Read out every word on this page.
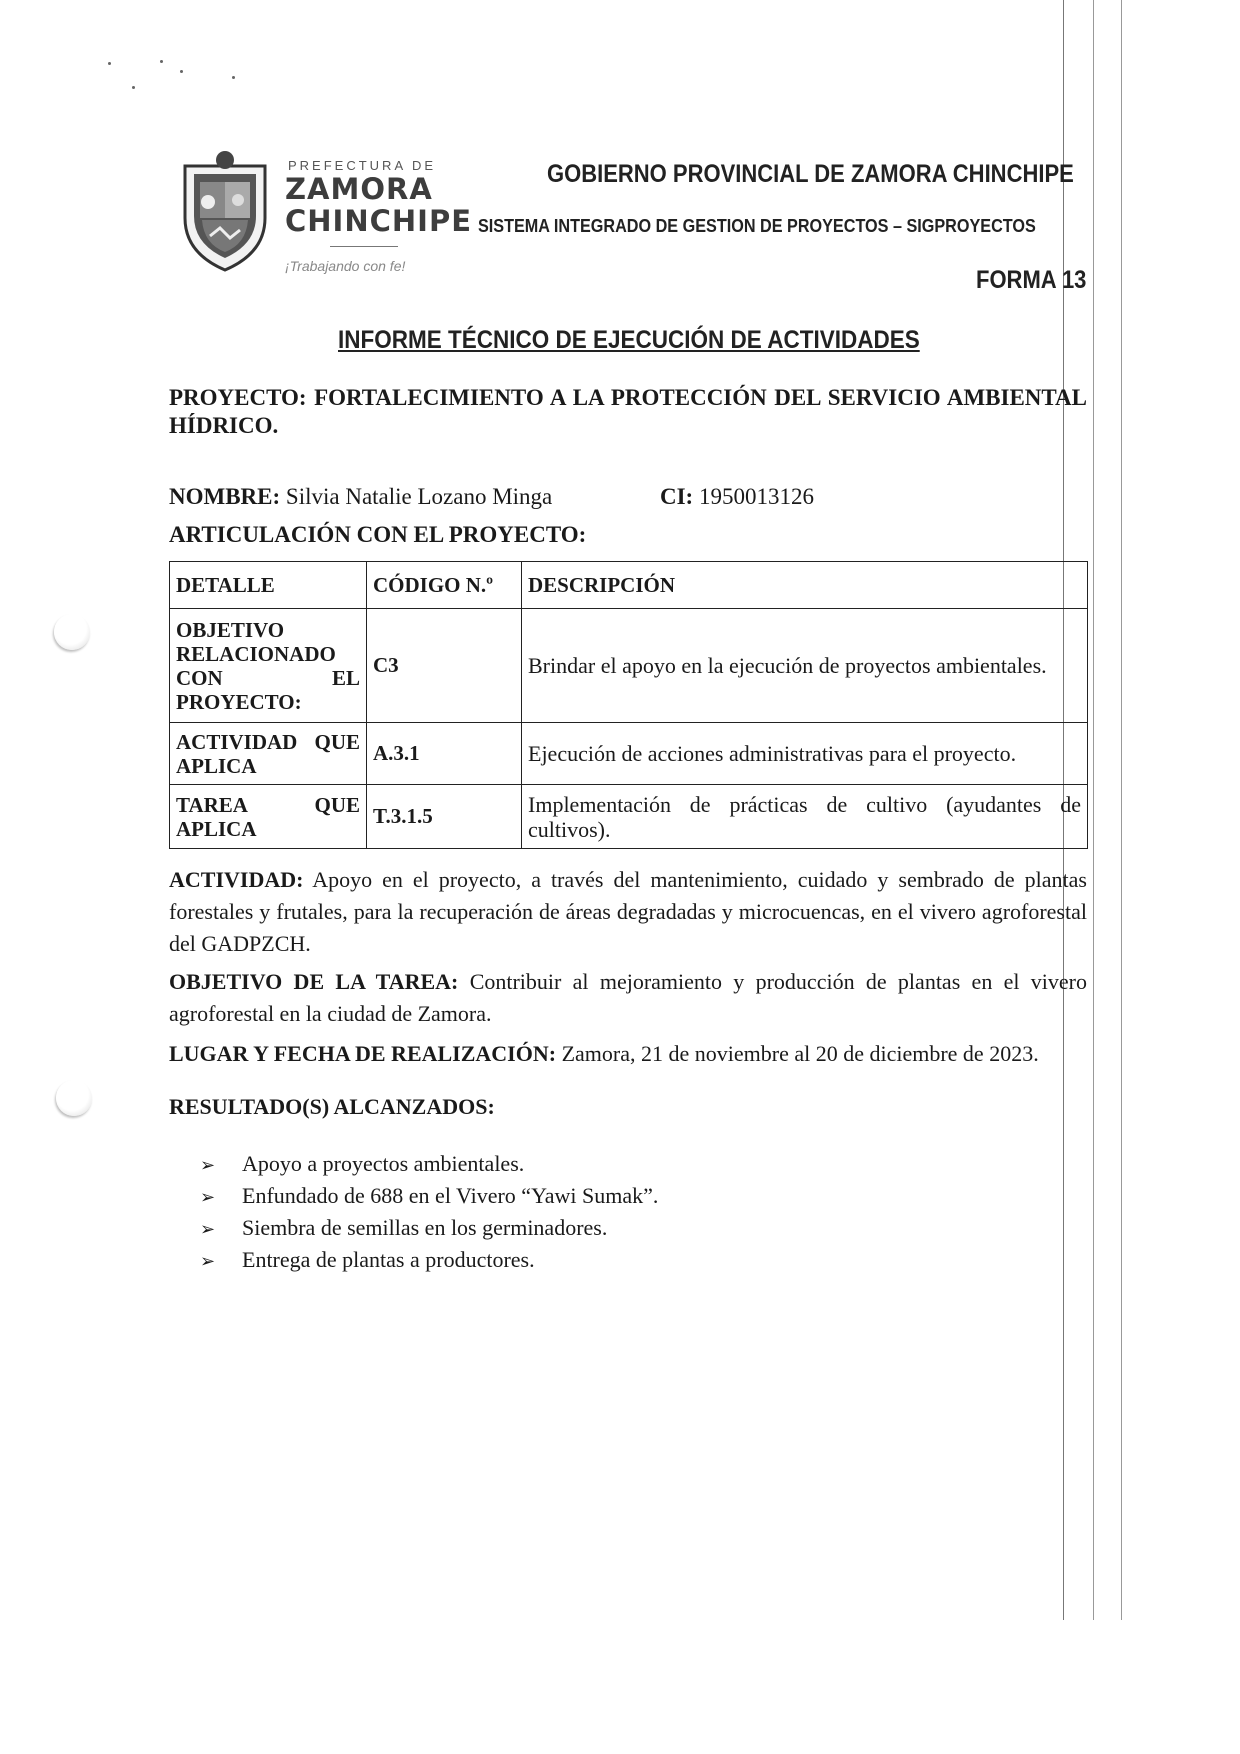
PREFECTURA DE
ZAMORA
CHINCHIPE
¡Trabajando con fe!
GOBIERNO PROVINCIAL DE ZAMORA CHINCHIPE
SISTEMA INTEGRADO DE GESTION DE PROYECTOS – SIGPROYECTOS
FORMA 13
INFORME TÉCNICO DE EJECUCIÓN DE ACTIVIDADES
PROYECTO: FORTALECIMIENTO A LA PROTECCIÓN DEL SERVICIO AMBIENTAL HÍDRICO.
NOMBRE: Silvia Natalie Lozano Minga	CI: 1950013126
ARTICULACIÓN CON EL PROYECTO:
DETALLE	CÓDIGO N.º	DESCRIPCIÓN
OBJETIVO RELACIONADO CON EL PROYECTO:	C3	Brindar el apoyo en la ejecución de proyectos ambientales.
ACTIVIDAD QUE APLICA	A.3.1	Ejecución de acciones administrativas para el proyecto.
TAREA QUE APLICA	T.3.1.5	Implementación de prácticas de cultivo (ayudantes de cultivos).
ACTIVIDAD: Apoyo en el proyecto, a través del mantenimiento, cuidado y sembrado de plantas forestales y frutales, para la recuperación de áreas degradadas y microcuencas, en el vivero agroforestal del GADPZCH.
OBJETIVO DE LA TAREA: Contribuir al mejoramiento y producción de plantas en el vivero agroforestal en la ciudad de Zamora.
LUGAR Y FECHA DE REALIZACIÓN: Zamora, 21 de noviembre al 20 de diciembre de 2023.
RESULTADO(S) ALCANZADOS:
➢ Apoyo a proyectos ambientales.
➢ Enfundado de 688 en el Vivero “Yawi Sumak”.
➢ Siembra de semillas en los germinadores.
➢ Entrega de plantas a productores.
